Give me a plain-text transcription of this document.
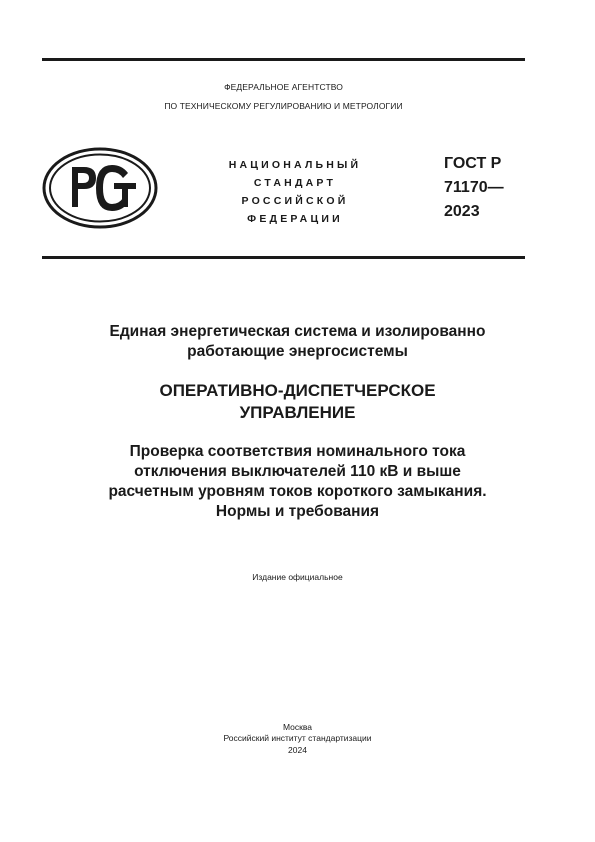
ФЕДЕРАЛЬНОЕ АГЕНТСТВО
ПО ТЕХНИЧЕСКОМУ РЕГУЛИРОВАНИЮ И МЕТРОЛОГИИ
НАЦИОНАЛЬНЫЙ
СТАНДАРТ
РОССИЙСКОЙ
ФЕДЕРАЦИИ
ГОСТ Р
71170—
2023
Единая энергетическая система и изолированно
работающие энергосистемы
ОПЕРАТИВНО-ДИСПЕТЧЕРСКОЕ
УПРАВЛЕНИЕ
Проверка соответствия номинального тока
отключения выключателей 110 кВ и выше
расчетным уровням токов короткого замыкания.
Нормы и требования
Издание официальное
Москва
Российский институт стандартизации
2024
